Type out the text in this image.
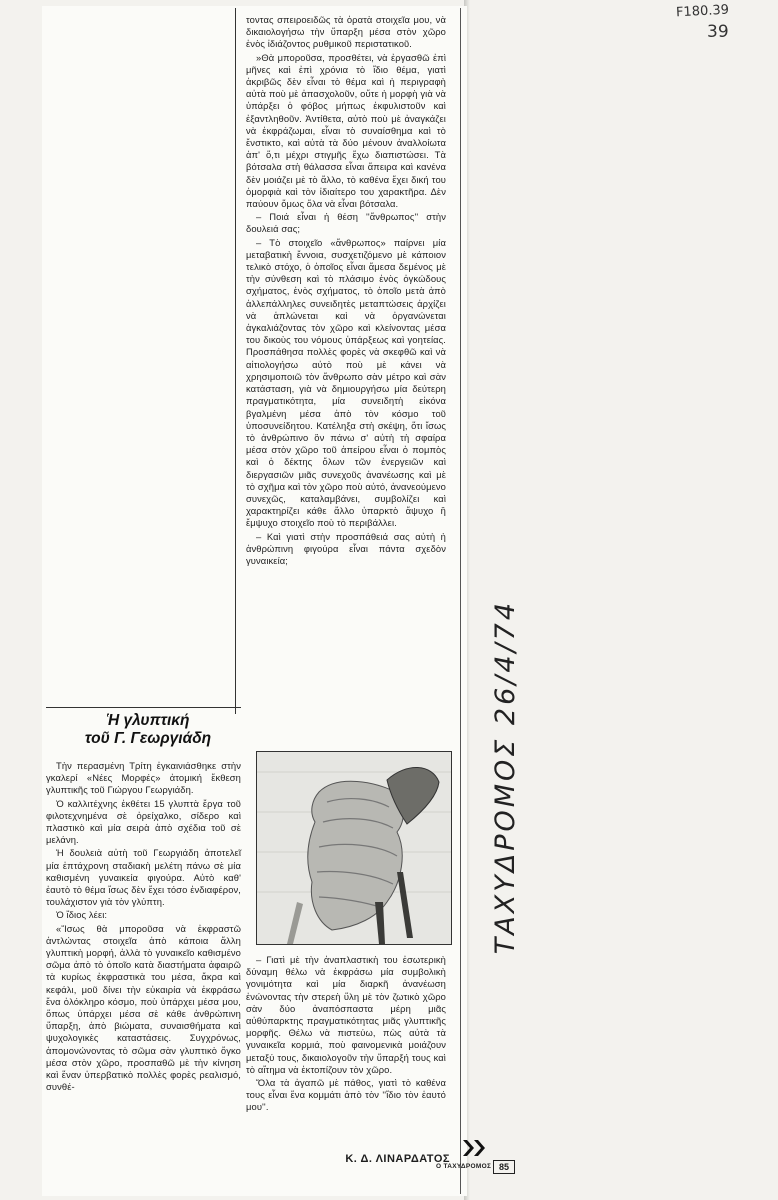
F180.39
39
ΤΑΧΥΔΡΟΜΟΣ 26/4/74

τοντας σπειροειδῶς τὰ ὁρατὰ στοιχεῖα μου, νὰ δικαιολογήσω τὴν ὕπαρξη μέσα στὸν χῶρο ἑνὸς ἰδιάζοντος ρυθμικοῦ περιστατικοῦ.

»Θὰ μποροῦσα, προσθέτει, νὰ ἐργασθῶ ἐπὶ μῆνες καὶ ἐπὶ χρόνια τὸ ἴδιο θέμα, γιατὶ ἀκριβῶς δὲν εἶναι τὸ θέμα καὶ ἡ περιγραφὴ αὐτὰ ποὺ μὲ ἀπασχολοῦν, οὔτε ἡ μορφὴ γιὰ νὰ ὑπάρξει ὁ φόβος μήπως ἐκφυλιστοῦν καὶ ἐξαντληθοῦν. Ἀντίθετα, αὐτὸ ποὺ μὲ ἀναγκάζει νὰ ἐκφράζωμαι, εἶναι τὸ συναίσθημα καὶ τὸ ἔνστικτο, καὶ αὐτὰ τὰ δύο μένουν ἀναλλοίωτα ἀπ' ὅ,τι μέχρι στιγμῆς ἔχω διαπιστώσει. Τὰ βότσαλα στὴ θάλασσα εἶναι ἄπειρα καὶ κανένα δὲν μοιάζει μὲ τὸ ἄλλο, τὸ καθένα ἔχει δική του ὀμορφιὰ καὶ τὸν ἰδιαίτερο του χαρακτῆρα. Δὲν παύουν ὅμως ὅλα νὰ εἶναι βότσαλα.

– Ποιά εἶναι ἡ θέση ''ἄνθρωπος'' στὴν δουλειά σας;

– Τὸ στοιχεῖο «ἄνθρωπος» παίρνει μία μεταβατικὴ ἔννοια, συσχετιζόμενο μὲ κάποιον τελικὸ στόχο, ὁ ὁποῖος εἶναι ἄμεσα δεμένος μὲ τὴν σύνθεση καὶ τὸ πλάσιμο ἑνὸς ὀγκώδους σχήματος, ἑνὸς σχήματος, τὸ ὁποῖο μετὰ ἀπὸ ἀλλεπάλληλες συνειδητὲς μεταπτώσεις ἀρχίζει νὰ ἁπλώνεται καὶ νὰ ὀργανώνεται ἀγκαλιάζοντας τὸν χῶρο καὶ κλείνοντας μέσα του δικοὺς του νόμους ὑπάρξεως καὶ γοητείας. Προσπάθησα πολλὲς φορὲς νὰ σκεφθῶ καὶ νὰ αἰτιολογήσω αὐτὸ ποὺ μὲ κάνει νὰ χρησιμοποιῶ τὸν ἄνθρωπο σὰν μέτρο καὶ σὰν κατάσταση, γιὰ νὰ δημιουργήσω μία δεύτερη πραγματικότητα, μία συνειδητὴ εἰκόνα βγαλμένη μέσα ἀπὸ τὸν κόσμο τοῦ ὑποσυνείδητου. Κατέληξα στὴ σκέψη, ὅτι ἴσως τὸ ἀνθρώπινο ὂν πάνω σ' αὐτὴ τὴ σφαίρα μέσα στὸν χῶρο τοῦ ἀπείρου εἶναι ὁ πομπὸς καὶ ὁ δέκτης ὅλων τῶν ἐνεργειῶν καὶ διεργασιῶν μιᾶς συνεχοῦς ἀνανέωσης καὶ μὲ τὸ σχῆμα καὶ τὸν χῶρο ποὺ αὐτό, ἀνανεούμενο συνεχῶς, καταλαμβάνει, συμβολίζει καὶ χαρακτηρίζει κάθε ἄλλο ὑπαρκτὸ ἄψυχο ἢ ἔμψυχο στοιχεῖο ποὺ τὸ περιβάλλει.

– Καὶ γιατὶ στὴν προσπάθειά σας αὐτὴ ἡ ἀνθρώπινη φιγούρα εἶναι πάντα σχεδὸν γυναικεία;

Ἡ γλυπτική
τοῦ Γ. Γεωργιάδη

Τὴν περασμένη Τρίτη ἐγκαινιάσθηκε στὴν γκαλερί «Νέες Μορφές» ἀτομική ἔκθεση γλυπτικῆς τοῦ Γιώργου Γεωργιάδη.

Ὁ καλλιτέχνης ἐκθέτει 15 γλυπτὰ ἔργα τοῦ φιλοτεχνημένα σὲ ὀρείχαλκο, σίδερο καὶ πλαστικὸ καὶ μία σειρὰ ἀπὸ σχέδια τοῦ σὲ μελάνη.

Ἡ δουλειὰ αὐτὴ τοῦ Γεωργιάδη ἀποτελεῖ μία ἑπτάχρονη σταδιακὴ μελέτη πάνω σὲ μία καθισμένη γυναικεία φιγούρα. Αὐτὸ καθ' ἑαυτὸ τὸ θέμα ἴσως δὲν ἔχει τόσο ἐνδιαφέρον, τουλάχιστον γιὰ τὸν γλύπτη.

Ὁ ἴδιος λέει:

«Ἴσως θὰ μποροῦσα νὰ ἐκφραστῶ ἀντλώντας στοιχεῖα ἀπὸ κάποια ἄλλη γλυπτικὴ μορφή, ἀλλὰ τὸ γυναικεῖο καθισμένο σῶμα ἀπὸ τὸ ὁποῖο κατὰ διαστήματα ἀφαιρῶ τὰ κυρίως ἐκφραστικὰ του μέσα, ἄκρα καὶ κεφάλι, μοῦ δίνει τὴν εὐκαιρία νὰ ἐκφράσω ἕνα ὁλόκληρο κόσμο, ποὺ ὑπάρχει μέσα μου, ὅπως ὑπάρχει μέσα σὲ κάθε ἀνθρώπινη ὕπαρξη, ἀπὸ βιώματα, συναισθήματα καὶ ψυχολογικὲς καταστάσεις. Συγχρόνως, ἀπομονώνοντας τὸ σῶμα σὰν γλυπτικὸ ὄγκο μέσα στὸν χῶρο, προσπαθῶ μὲ τὴν κίνηση καὶ ἕναν ὑπερβατικὸ πολλὲς φορὲς ρεαλισμό, συνθέ-

– Γιατὶ μὲ τὴν ἀναπλαστικὴ του ἐσωτερικὴ δύναμη θέλω νὰ ἐκφράσω μία συμβολικὴ γονιμότητα καὶ μία διαρκῆ ἀνανέωση ἑνώνοντας τὴν στερεὴ ὕλη μὲ τὸν ζωτικὸ χῶρο σὰν δύο ἀναπόσπαστα μέρη μιᾶς αὐθύπαρκτης πραγματικότητας μιᾶς γλυπτικῆς μορφῆς. Θέλω νὰ πιστεύω, πὼς αὐτὰ τὰ γυναικεῖα κορμιά, ποὺ φαινομενικὰ μοιάζουν μεταξύ τους, δικαιολογοῦν τὴν ὕπαρξή τους καὶ τὸ αἴτημα νὰ ἐκτοπίζουν τὸν χῶρο.

Ὅλα τὰ ἀγαπῶ μὲ πάθος, γιατὶ τὸ καθένα τους εἶναι ἕνα κομμάτι ἀπὸ τὸν ''ἴδιο τὸν ἑαυτό μου''.

Κ. Δ. ΛΙΝΑΡΔΑΤΟΣ
Ο ΤΑΧΥΔΡΟΜΟΣ 85
